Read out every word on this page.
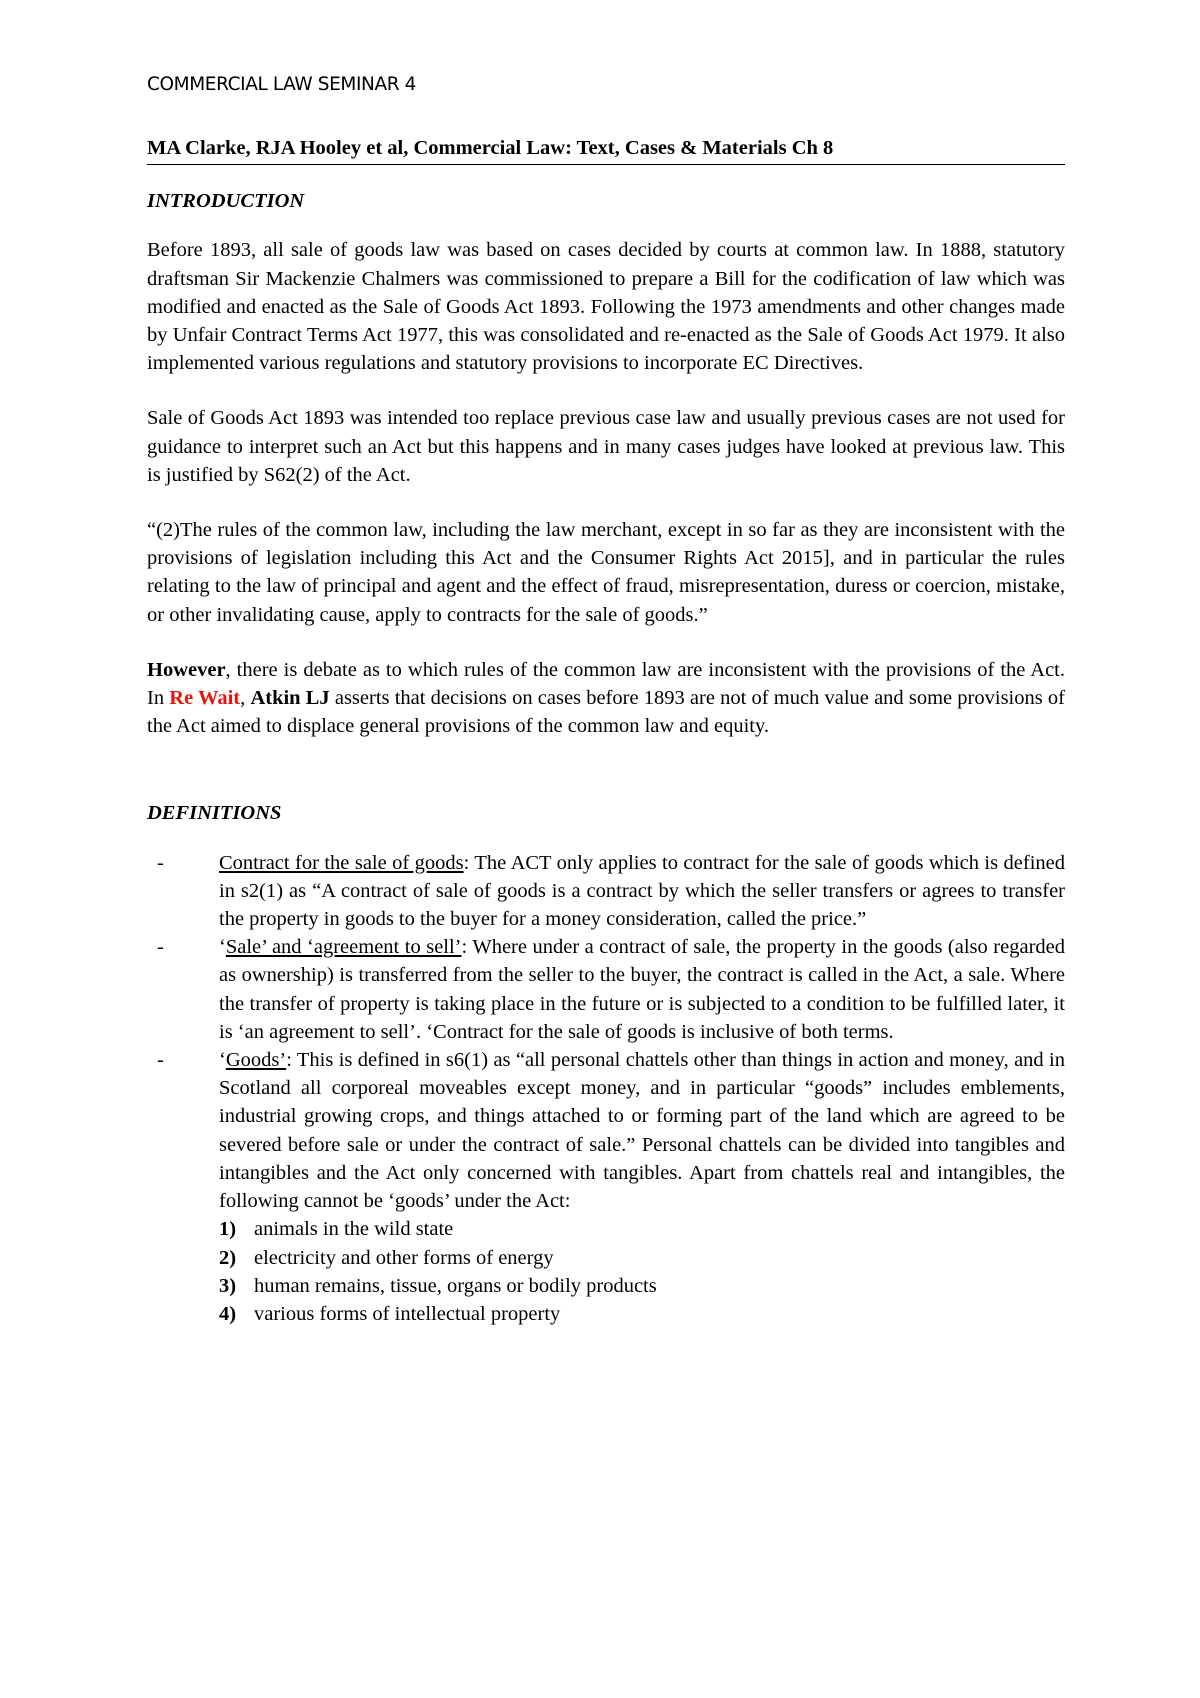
COMMERCIAL LAW SEMINAR 4
MA Clarke, RJA Hooley et al, Commercial Law: Text, Cases & Materials Ch 8
INTRODUCTION

Before 1893, all sale of goods law was based on cases decided by courts at common law. In 1888, statutory draftsman Sir Mackenzie Chalmers was commissioned to prepare a Bill for the codification of law which was modified and enacted as the Sale of Goods Act 1893. Following the 1973 amendments and other changes made by Unfair Contract Terms Act 1977, this was consolidated and re-enacted as the Sale of Goods Act 1979. It also implemented various regulations and statutory provisions to incorporate EC Directives.

Sale of Goods Act 1893 was intended too replace previous case law and usually previous cases are not used for guidance to interpret such an Act but this happens and in many cases judges have looked at previous law. This is justified by S62(2) of the Act.

“(2)The rules of the common law, including the law merchant, except in so far as they are inconsistent with the provisions of legislation including this Act and the Consumer Rights Act 2015], and in particular the rules relating to the law of principal and agent and the effect of fraud, misrepresentation, duress or coercion, mistake, or other invalidating cause, apply to contracts for the sale of goods.”

However, there is debate as to which rules of the common law are inconsistent with the provisions of the Act. In Re Wait, Atkin LJ asserts that decisions on cases before 1893 are not of much value and some provisions of the Act aimed to displace general provisions of the common law and equity.

DEFINITIONS
-	Contract for the sale of goods: The ACT only applies to contract for the sale of goods which is defined in s2(1) as “A contract of sale of goods is a contract by which the seller transfers or agrees to transfer the property in goods to the buyer for a money consideration, called the price.”
-	‘Sale’ and ‘agreement to sell’: Where under a contract of sale, the property in the goods (also regarded as ownership) is transferred from the seller to the buyer, the contract is called in the Act, a sale. Where the transfer of property is taking place in the future or is subjected to a condition to be fulfilled later, it is ‘an agreement to sell’. ‘Contract for the sale of goods is inclusive of both terms.
-	‘Goods’: This is defined in s6(1) as “all personal chattels other than things in action and money, and in Scotland all corporeal moveables except money, and in particular “goods” includes emblements, industrial growing crops, and things attached to or forming part of the land which are agreed to be severed before sale or under the contract of sale.” Personal chattels can be divided into tangibles and intangibles and the Act only concerned with tangibles. Apart from chattels real and intangibles, the following cannot be ‘goods’ under the Act:
1) animals in the wild state
2) electricity and other forms of energy
3) human remains, tissue, organs or bodily products
4) various forms of intellectual property
